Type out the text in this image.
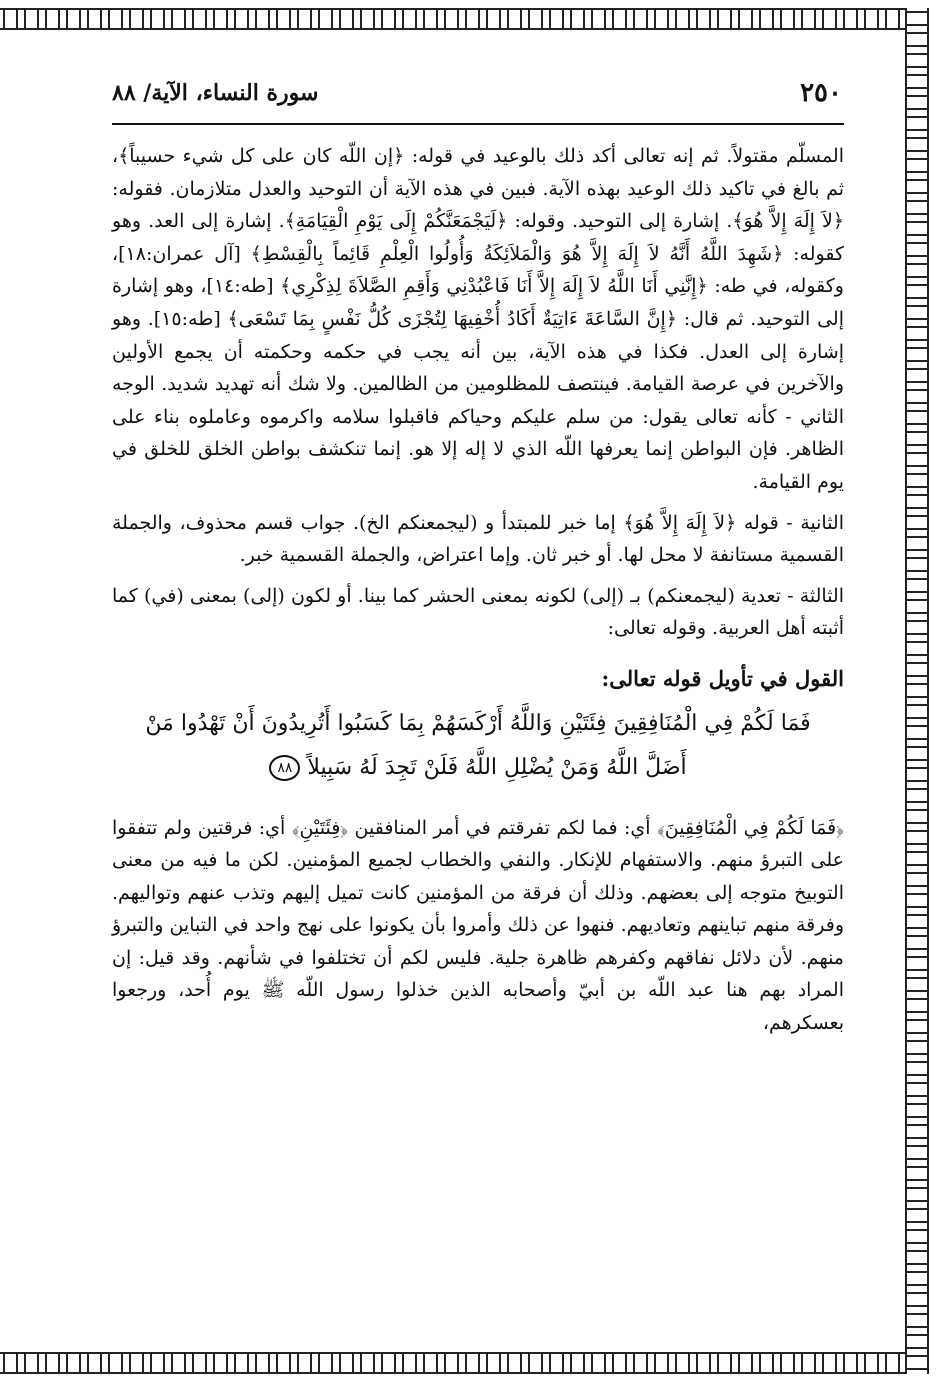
٢٥٠
سورة النساء، الآية/ ٨٨

المسلّم مقتولاً. ثم إنه تعالى أكد ذلك بالوعيد في قوله: ﴿إن اللّه كان على كل شيء حسيباً﴾، ثم بالغ في تاكيد ذلك الوعيد بهذه الآية. فبين في هذه الآية أن التوحيد والعدل متلازمان. فقوله: ﴿لاَ إِلَهَ إِلاَّ هُوَ﴾. إشارة إلى التوحيد. وقوله: ﴿لَيَجْمَعَنَّكُمْ إِلَى يَوْمِ الْقِيَامَةِ﴾. إشارة إلى العد. وهو كقوله: ﴿شَهِدَ اللَّهُ أَنَّهُ لاَ إِلَهَ إِلاَّ هُوَ وَالْمَلاَئِكَةُ وَأُولُوا الْعِلْمِ قَائِماً بِالْقِسْطِ﴾ [آل عمران:١٨]، وكقوله، في طه: ﴿إِنَّنِي أَنَا اللَّهُ لاَ إِلَهَ إِلاَّ أَنَا فَاعْبُدْنِي وَأَقِمِ الصَّلاَةَ لِذِكْرِي﴾ [طه:١٤]، وهو إشارة إلى التوحيد. ثم قال: ﴿إِنَّ السَّاعَةَ ءَاتِيَةٌ أَكَادُ أُخْفِيهَا لِتُجْزَى كُلُّ نَفْسٍ بِمَا تَسْعَى﴾ [طه:١٥]. وهو إشارة إلى العدل. فكذا في هذه الآية، بين أنه يجب في حكمه وحكمته أن يجمع الأولين والآخرين في عرصة القيامة. فينتصف للمظلومين من الظالمين. ولا شك أنه تهديد شديد. الوجه الثاني - كأنه تعالى يقول: من سلم عليكم وحياكم فاقبلوا سلامه واكرموه وعاملوه بناء على الظاهر. فإن البواطن إنما يعرفها اللّه الذي لا إله إلا هو. إنما تنكشف بواطن الخلق للخلق في يوم القيامة.

الثانية - قوله ﴿لاَ إِلَهَ إِلاَّ هُوَ﴾ إما خبر للمبتدأ و (ليجمعنكم الخ). جواب قسم محذوف، والجملة القسمية مستانفة لا محل لها. أو خبر ثان. وإما اعتراض، والجملة القسمية خبر.

الثالثة - تعدية (ليجمعنكم) بـ (إلى) لكونه بمعنى الحشر كما بينا. أو لكون (إلى) بمعنى (في) كما أثبته أهل العربية. وقوله تعالى:

القول في تأويل قوله تعالى:
فَمَا لَكُمْ فِي الْمُنَافِقِينَ فِئَتَيْنِ وَاللَّهُ أَرْكَسَهُمْ بِمَا كَسَبُوا أَتُرِيدُونَ أَنْ تَهْدُوا مَنْ
أَضَلَّ اللَّهُ وَمَنْ يُضْلِلِ اللَّهُ فَلَنْ تَجِدَ لَهُ سَبِيلاً ٨٨

﴿فَمَا لَكُمْ فِي الْمُنَافِقِينَ﴾ أي: فما لكم تفرقتم في أمر المنافقين ﴿فِئَتَيْنِ﴾ أي: فرقتين ولم تتفقوا على التبرؤ منهم. والاستفهام للإنكار. والنفي والخطاب لجميع المؤمنين. لكن ما فيه من معنى التوبيخ متوجه إلى بعضهم. وذلك أن فرقة من المؤمنين كانت تميل إليهم وتذب عنهم وتواليهم. وفرقة منهم تباينهم وتعاديهم. فنهوا عن ذلك وأمروا بأن يكونوا على نهج واحد في التباين والتبرؤ منهم. لأن دلائل نفاقهم وكفرهم ظاهرة جلية. فليس لكم أن تختلفوا في شأنهم. وقد قيل: إن المراد بهم هنا عبد اللّه بن أبيّ وأصحابه الذين خذلوا رسول اللّه ﷺ يوم أُحد، ورجعوا بعسكرهم،
